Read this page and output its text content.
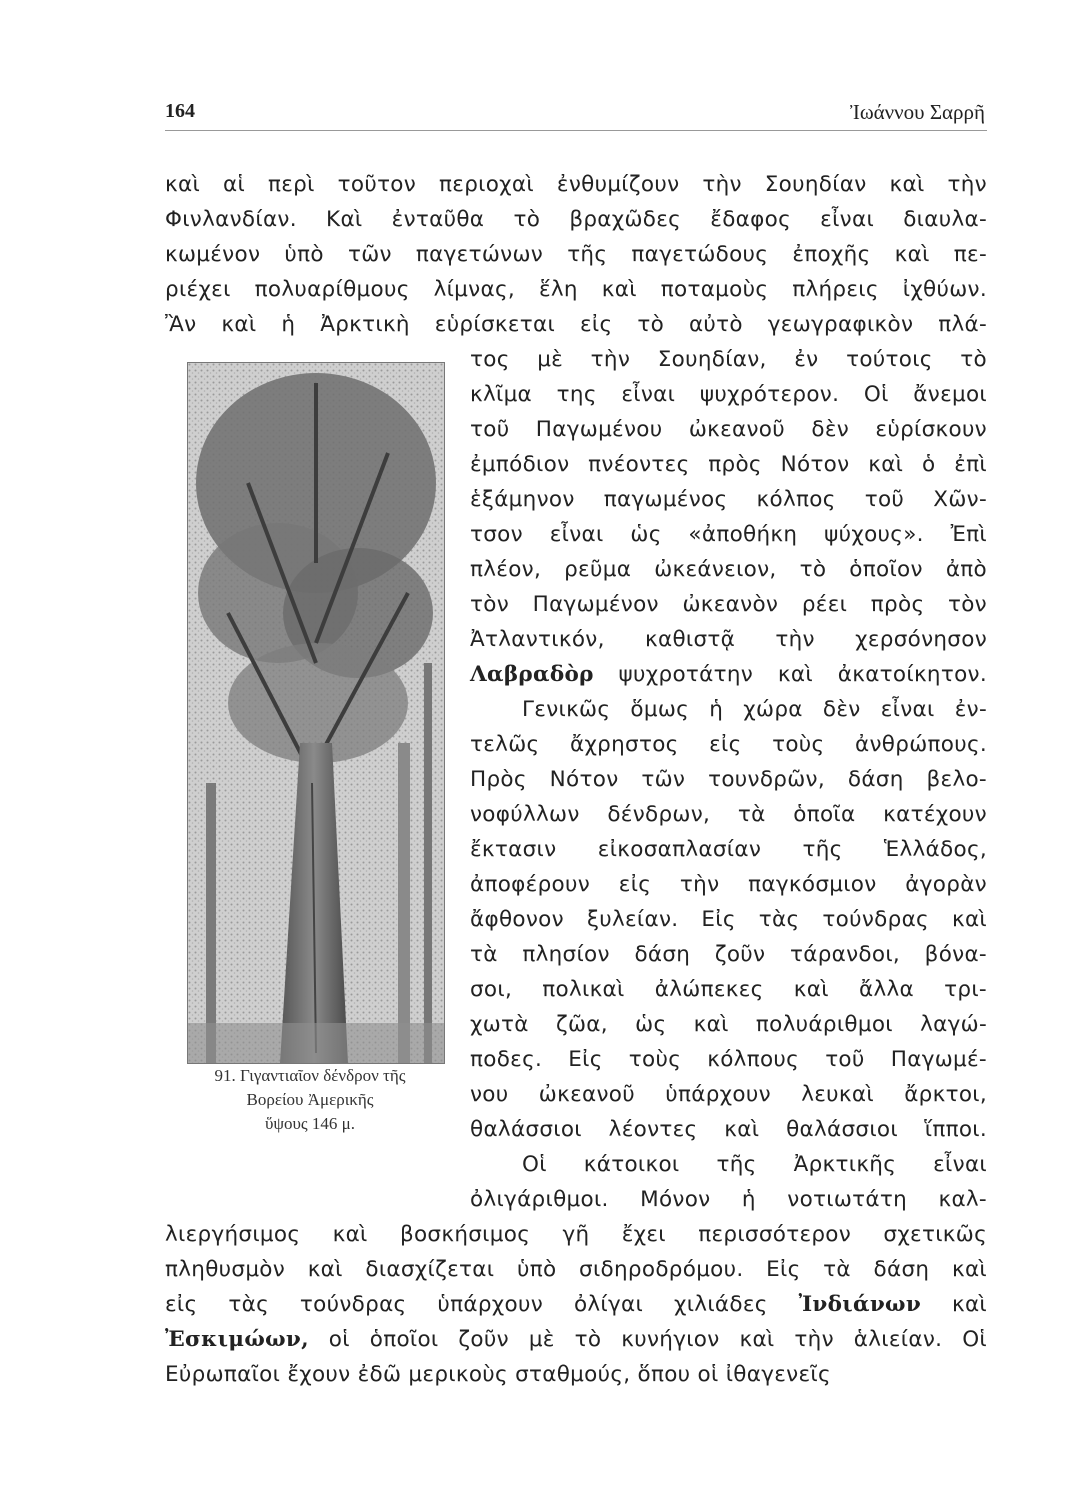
164	Ἰωάννου Σαρρῆ
καὶ αἱ περὶ τοῦτον περιοχαὶ ἐνθυμίζουν τὴν Σουηδίαν καὶ τὴν
Φινλανδίαν. Καὶ ἐνταῦθα τὸ βραχῶδες ἔδαφος εἶναι διαυλα-
κωμένον ὑπὸ τῶν παγετώνων τῆς παγετώδους ἐποχῆς καὶ πε-
ριέχει πολυαρίθμους λίμνας, ἕλη καὶ ποταμοὺς πλήρεις ἰχθύων.
Ἂν καὶ ἡ Ἀρκτικὴ εὑρίσκεται εἰς τὸ αὐτὸ γεωγραφικὸν πλά-
τος μὲ τὴν Σουηδίαν, ἐν τούτοις τὸ
κλῖμα της εἶναι ψυχρότερον. Οἱ ἄνεμοι
τοῦ Παγωμένου ὠκεανοῦ δὲν εὑρίσκουν
ἐμπόδιον πνέοντες πρὸς Νότον καὶ ὁ ἐπὶ
ἑξάμηνον παγωμένος κόλπος τοῦ Χῶν-
τσον εἶναι ὡς «ἀποθήκη ψύχους». Ἐπὶ
πλέον, ρεῦμα ὠκεάνειον, τὸ ὁποῖον ἀπὸ
τὸν Παγωμένον ὠκεανὸν ρέει πρὸς τὸν
Ἀτλαντικόν, καθιστᾷ τὴν χερσόνησον
Λαβραδὸρ ψυχροτάτην καὶ ἀκατοίκητον.
Γενικῶς ὅμως ἡ χώρα δὲν εἶναι ἐν-
τελῶς ἄχρηστος εἰς τοὺς ἀνθρώπους.
Πρὸς Νότον τῶν τουνδρῶν, δάση βελο-
νοφύλλων δένδρων, τὰ ὁποῖα κατέχουν
ἔκτασιν εἰκοσαπλασίαν τῆς Ἑλλάδος,
ἀποφέρουν εἰς τὴν παγκόσμιον ἀγορὰν
ἄφθονον ξυλείαν. Εἰς τὰς τούνδρας καὶ
τὰ πλησίον δάση ζοῦν τάρανδοι, βόνα-
σοι, πολικαὶ ἀλώπεκες καὶ ἄλλα τρι-
χωτὰ ζῶα, ὡς καὶ πολυάριθμοι λαγώ-
ποδες. Εἰς τοὺς κόλπους τοῦ Παγωμέ-
νου ὠκεανοῦ ὑπάρχουν λευκαὶ ἄρκτοι,
θαλάσσιοι λέοντες καὶ θαλάσσιοι ἵπποι.
Οἱ κάτοικοι τῆς Ἀρκτικῆς εἶναι
ὀλιγάριθμοι. Μόνον ἡ νοτιωτάτη καλ-
λιεργήσιμος καὶ βοσκήσιμος γῆ ἔχει περισσότερον σχετικῶς
πληθυσμὸν καὶ διασχίζεται ὑπὸ σιδηροδρόμου. Εἰς τὰ δάση καὶ
εἰς τὰς τούνδρας ὑπάρχουν ὀλίγαι χιλιάδες Ἰνδιάνων καὶ
Ἐσκιμώων, οἱ ὁποῖοι ζοῦν μὲ τὸ κυνήγιον καὶ τὴν ἁλιείαν. Οἱ
Εὐρωπαῖοι ἔχουν ἐδῶ μερικοὺς σταθμούς, ὅπου οἱ ἰθαγενεῖς
91. Γιγαντιαῖον δένδρον τῆς
Βορείου Ἀμερικῆς
ὕψους 146 μ.
